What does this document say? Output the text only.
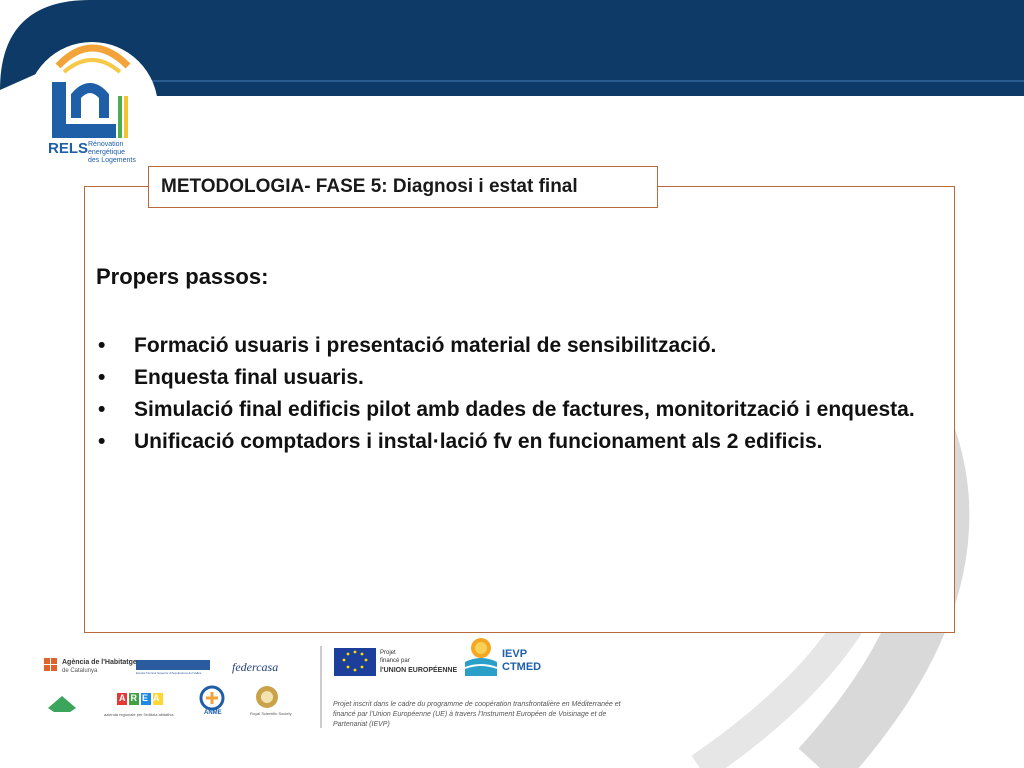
RELS Rénovation
energétique
des Logements
METODOLOGIA- FASE 5: Diagnosi i estat final
Propers passos:
• Formació usuaris i presentació material de sensibilització.
• Enquesta final usuaris.
• Simulació final edificis pilot amb dades de factures, monitorització i enquesta.
• Unificació comptadors i instal·lació fv en funcionament als 2 edificis.
Agència de l'Habitatge
de Catalunya	Escola Tècnica Superior d'Arquitectura del Vallès	federcasa
AREA
azienda regionale per l'edilizia abitativa	ANME	Royal Scientific Society
Projet
financé par
l'UNION EUROPÉENNE
IEVP
CTMED
Projet inscrit dans le cadre du programme de coopération transfrontalière en Méditerranée et financé par l'Union Européenne (UE) à travers l'Instrument Européen de Voisinage et de Partenariat (IEVP)
